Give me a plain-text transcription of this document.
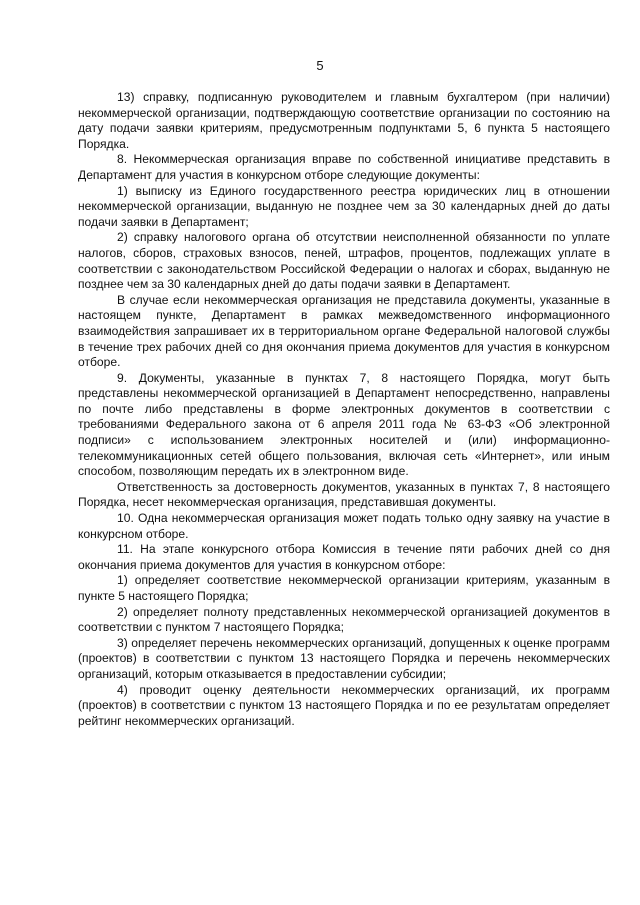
5

13) справку, подписанную руководителем и главным бухгалтером (при наличии) некоммерческой организации, подтверждающую соответствие организации по состоянию на дату подачи заявки критериям, предусмотренным подпунктами 5, 6 пункта 5 настоящего Порядка.

8. Некоммерческая организация вправе по собственной инициативе представить в Департамент для участия в конкурсном отборе следующие документы:

1) выписку из Единого государственного реестра юридических лиц в отношении некоммерческой организации, выданную не позднее чем за 30 календарных дней до даты подачи заявки в Департамент;

2) справку налогового органа об отсутствии неисполненной обязанности по уплате налогов, сборов, страховых взносов, пеней, штрафов, процентов, подлежащих уплате в соответствии с законодательством Российской Федерации о налогах и сборах, выданную не позднее чем за 30 календарных дней до даты подачи заявки в Департамент.

В случае если некоммерческая организация не представила документы, указанные в настоящем пункте, Департамент в рамках межведомственного информационного взаимодействия запрашивает их в территориальном органе Федеральной налоговой службы в течение трех рабочих дней со дня окончания приема документов для участия в конкурсном отборе.

9. Документы, указанные в пунктах 7, 8 настоящего Порядка, могут быть представлены некоммерческой организацией в Департамент непосредственно, направлены по почте либо представлены в форме электронных документов в соответствии с требованиями Федерального закона от 6 апреля 2011 года № 63-ФЗ «Об электронной подписи» с использованием электронных носителей и (или) информационно-телекоммуникационных сетей общего пользования, включая сеть «Интернет», или иным способом, позволяющим передать их в электронном виде.

Ответственность за достоверность документов, указанных в пунктах 7, 8 настоящего Порядка, несет некоммерческая организация, представившая документы.

10. Одна некоммерческая организация может подать только одну заявку на участие в конкурсном отборе.

11. На этапе конкурсного отбора Комиссия в течение пяти рабочих дней со дня окончания приема документов для участия в конкурсном отборе:

1) определяет соответствие некоммерческой организации критериям, указанным в пункте 5 настоящего Порядка;

2) определяет полноту представленных некоммерческой организацией документов в соответствии с пунктом 7 настоящего Порядка;

3) определяет перечень некоммерческих организаций, допущенных к оценке программ (проектов) в соответствии с пунктом 13 настоящего Порядка и перечень некоммерческих организаций, которым отказывается в предоставлении субсидии;

4) проводит оценку деятельности некоммерческих организаций, их программ (проектов) в соответствии с пунктом 13 настоящего Порядка и по ее результатам определяет рейтинг некоммерческих организаций.
